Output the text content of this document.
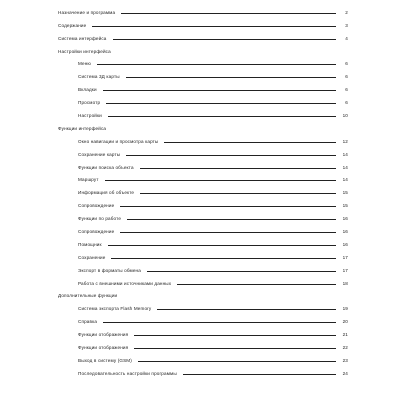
Назначение и программа	2
Содержание	3
Система интерфейса	4
Настройки интерфейса
Меню	6
Система 3Д карты	6
Вкладки	6
Просмотр	6
Настройки	10
Функции интерфейса
Окно навигации и просмотра карты	12
Сохранение карты	14
Функции поиска объекта	14
Маршрут	14
Информация об объекте	15
Сопровождение	15
Функции по работе	16
Сопровождение	16
Помощник	16
Сохранение	17
Экспорт в форматы обмена	17
Работа с внешними источниками данных	18
Дополнительные функции
Система экспорта Flash Memory	19
Справка	20
Функции отображения	21
Функции отображения	22
Выход в систему (GSM)	23
Последовательность настройки программы	24
